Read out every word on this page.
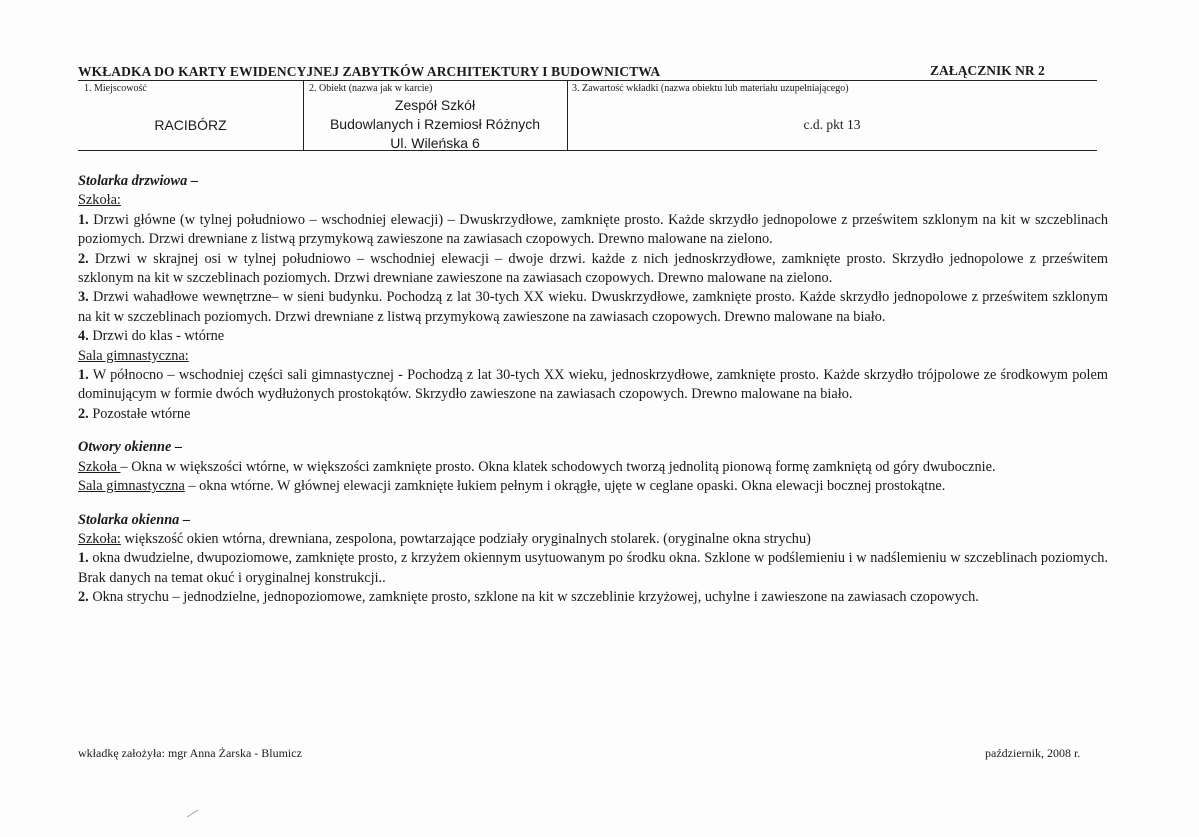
WKŁADKA DO KARTY EWIDENCYJNEJ ZABYTKÓW ARCHITEKTURY I BUDOWNICTWA	ZAŁĄCZNIK NR 2
1. Miejscowość
RACIBÓRZ
2. Obiekt (nazwa jak w karcie)
Zespół Szkół
Budowlanych i Rzemiosł Różnych
Ul. Wileńska 6
3. Zawartość wkładki (nazwa obiektu lub materiału uzupełniającego)
c.d. pkt 13

Stolarka drzwiowa –

Szkoła:

1. Drzwi główne (w tylnej południowo – wschodniej elewacji) – Dwuskrzydłowe, zamknięte prosto. Każde skrzydło jednopolowe z prześwitem szklonym na kit w szczeblinach poziomych. Drzwi drewniane z listwą przymykową zawieszone na zawiasach czopowych. Drewno malowane na zielono.

2. Drzwi w skrajnej osi w tylnej południowo – wschodniej elewacji – dwoje drzwi. każde z nich jednoskrzydłowe, zamknięte prosto. Skrzydło jednopolowe z prześwitem szklonym na kit w szczeblinach poziomych. Drzwi drewniane zawieszone na zawiasach czopowych. Drewno malowane na zielono.

3. Drzwi wahadłowe wewnętrzne– w sieni budynku. Pochodzą z lat 30-tych XX wieku. Dwuskrzydłowe, zamknięte prosto. Każde skrzydło jednopolowe z prześwitem szklonym na kit w szczeblinach poziomych. Drzwi drewniane z listwą przymykową zawieszone na zawiasach czopowych. Drewno malowane na biało.

4. Drzwi do klas - wtórne

Sala gimnastyczna:

1. W północno – wschodniej części sali gimnastycznej - Pochodzą z lat 30-tych XX wieku, jednoskrzydłowe, zamknięte prosto. Każde skrzydło trójpolowe ze środkowym polem dominującym w formie dwóch wydłużonych prostokątów. Skrzydło zawieszone na zawiasach czopowych. Drewno malowane na biało.

2. Pozostałe wtórne

Otwory okienne –

Szkoła – Okna w większości wtórne, w większości zamknięte prosto. Okna klatek schodowych tworzą jednolitą pionową formę zamkniętą od góry dwubocznie.

Sala gimnastyczna – okna wtórne. W głównej elewacji zamknięte łukiem pełnym i okrągłe, ujęte w ceglane opaski. Okna elewacji bocznej prostokątne.

Stolarka okienna –

Szkoła: większość okien wtórna, drewniana, zespolona, powtarzające podziały oryginalnych stolarek. (oryginalne okna strychu)

1. okna dwudzielne, dwupoziomowe, zamknięte prosto, z krzyżem okiennym usytuowanym po środku okna. Szklone w podślemieniu i w nadślemieniu w szczeblinach poziomych. Brak danych na temat okuć i oryginalnej konstrukcji..

2. Okna strychu – jednodzielne, jednopoziomowe, zamknięte prosto, szklone na kit w szczeblinie krzyżowej, uchylne i zawieszone na zawiasach czopowych.

wkładkę założyła: mgr Anna Żarska - Blumicz	październik, 2008 r.
